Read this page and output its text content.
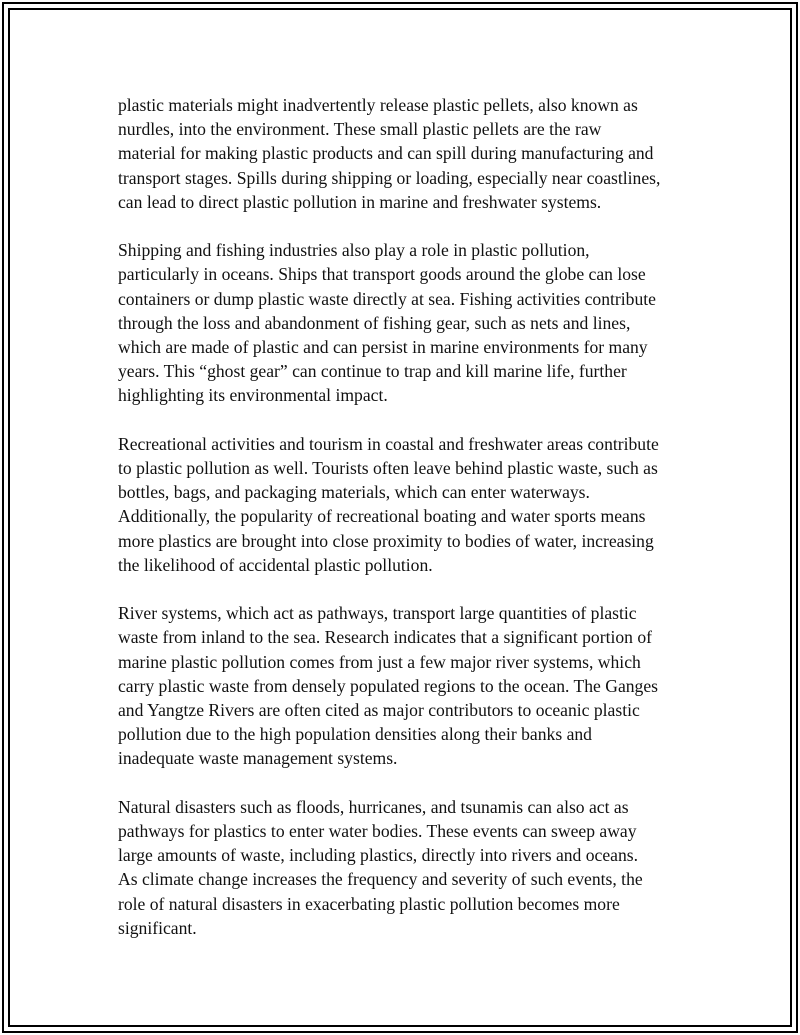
plastic materials might inadvertently release plastic pellets, also known as
nurdles, into the environment. These small plastic pellets are the raw
material for making plastic products and can spill during manufacturing and
transport stages. Spills during shipping or loading, especially near coastlines,
can lead to direct plastic pollution in marine and freshwater systems.

Shipping and fishing industries also play a role in plastic pollution,
particularly in oceans. Ships that transport goods around the globe can lose
containers or dump plastic waste directly at sea. Fishing activities contribute
through the loss and abandonment of fishing gear, such as nets and lines,
which are made of plastic and can persist in marine environments for many
years. This “ghost gear” can continue to trap and kill marine life, further
highlighting its environmental impact.

Recreational activities and tourism in coastal and freshwater areas contribute
to plastic pollution as well. Tourists often leave behind plastic waste, such as
bottles, bags, and packaging materials, which can enter waterways.
Additionally, the popularity of recreational boating and water sports means
more plastics are brought into close proximity to bodies of water, increasing
the likelihood of accidental plastic pollution.

River systems, which act as pathways, transport large quantities of plastic
waste from inland to the sea. Research indicates that a significant portion of
marine plastic pollution comes from just a few major river systems, which
carry plastic waste from densely populated regions to the ocean. The Ganges
and Yangtze Rivers are often cited as major contributors to oceanic plastic
pollution due to the high population densities along their banks and
inadequate waste management systems.

Natural disasters such as floods, hurricanes, and tsunamis can also act as
pathways for plastics to enter water bodies. These events can sweep away
large amounts of waste, including plastics, directly into rivers and oceans.
As climate change increases the frequency and severity of such events, the
role of natural disasters in exacerbating plastic pollution becomes more
significant.
